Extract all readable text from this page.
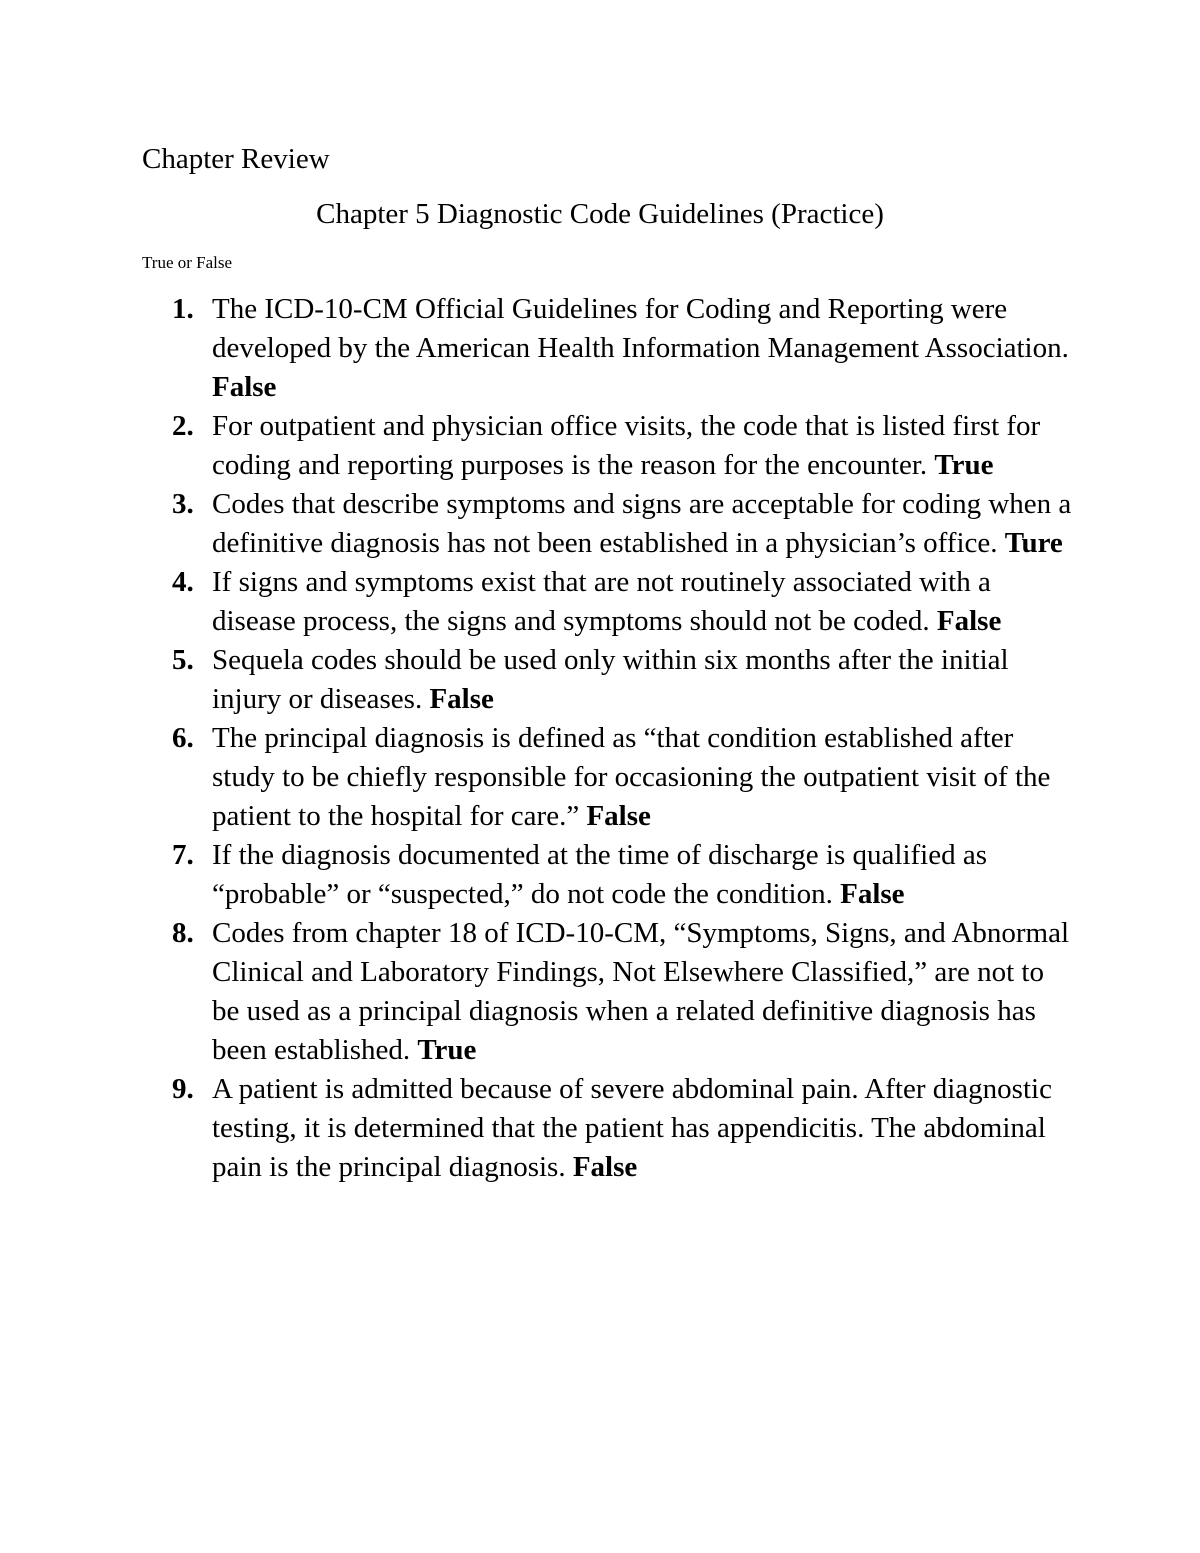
Chapter Review
Chapter 5 Diagnostic Code Guidelines (Practice)
True or False
1. The ICD-10-CM Official Guidelines for Coding and Reporting were developed by the American Health Information Management Association. False
2. For outpatient and physician office visits, the code that is listed first for coding and reporting purposes is the reason for the encounter. True
3. Codes that describe symptoms and signs are acceptable for coding when a definitive diagnosis has not been established in a physician’s office. Ture
4. If signs and symptoms exist that are not routinely associated with a disease process, the signs and symptoms should not be coded. False
5. Sequela codes should be used only within six months after the initial injury or diseases. False
6. The principal diagnosis is defined as “that condition established after study to be chiefly responsible for occasioning the outpatient visit of the patient to the hospital for care.” False
7. If the diagnosis documented at the time of discharge is qualified as “probable” or “suspected,” do not code the condition. False
8. Codes from chapter 18 of ICD-10-CM, “Symptoms, Signs, and Abnormal Clinical and Laboratory Findings, Not Elsewhere Classified,” are not to be used as a principal diagnosis when a related definitive diagnosis has been established. True
9. A patient is admitted because of severe abdominal pain. After diagnostic testing, it is determined that the patient has appendicitis. The abdominal pain is the principal diagnosis. False
